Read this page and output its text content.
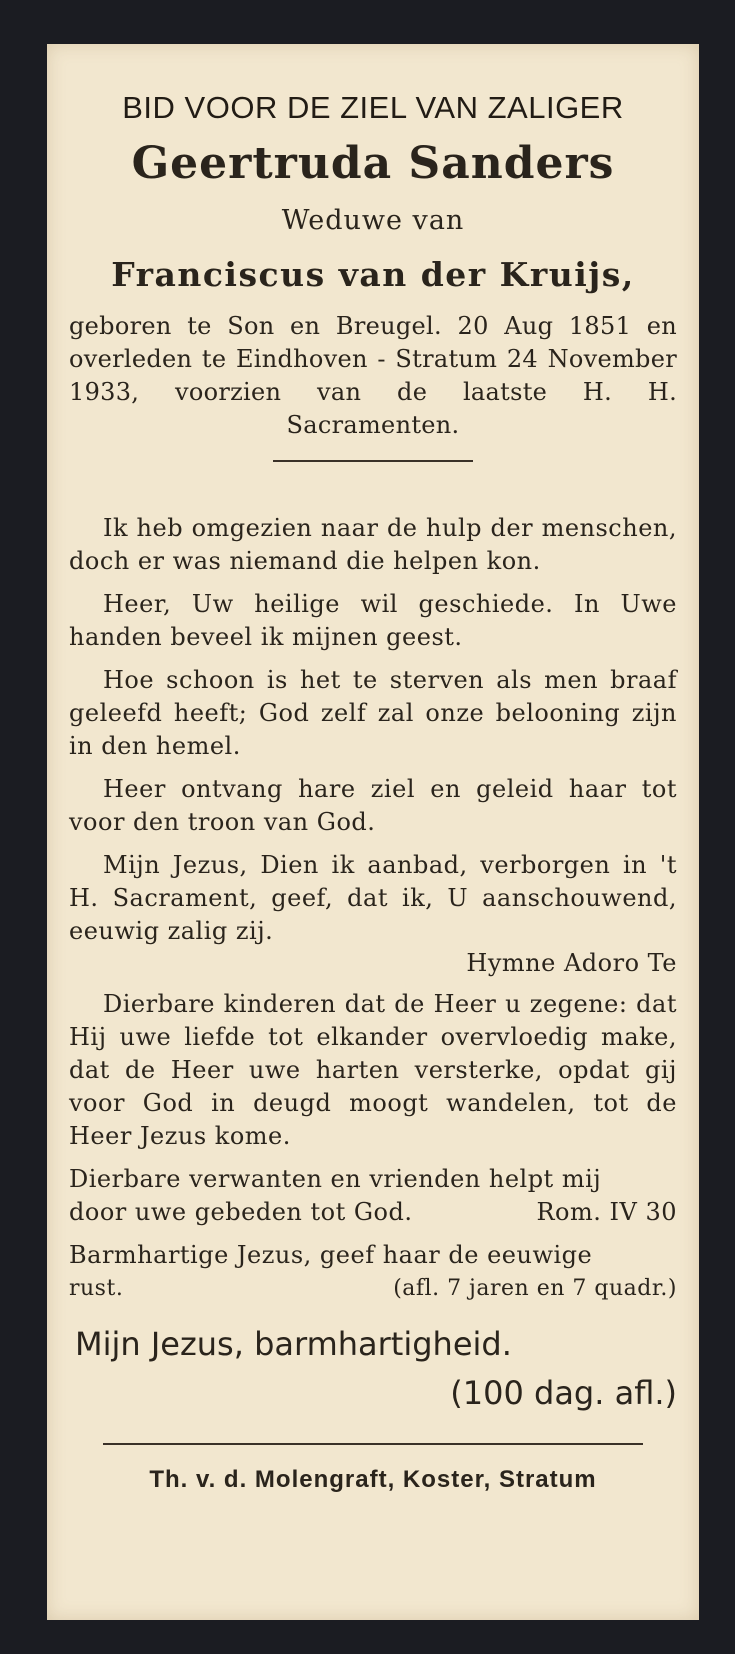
BID VOOR DE ZIEL VAN ZALIGER

Geertruda Sanders

Weduwe van

Franciscus van der Kruijs,

geboren te Son en Breugel. 20 Aug 1851 en overleden te Eindhoven - Stratum 24 November 1933, voorzien van de laatste H. H. Sacramenten.

Ik heb omgezien naar de hulp der menschen, doch er was niemand die helpen kon.

Heer, Uw heilige wil geschiede. In Uwe handen beveel ik mijnen geest.

Hoe schoon is het te sterven als men braaf geleefd heeft; God zelf zal onze belooning zijn in den hemel.

Heer ontvang hare ziel en geleid haar tot voor den troon van God.

Mijn Jezus, Dien ik aanbad, verborgen in 't H. Sacrament, geef, dat ik, U aanschouwend, eeuwig zalig zij.

Hymne Adoro Te

Dierbare kinderen dat de Heer u zegene: dat Hij uwe liefde tot elkander overvloedig make, dat de Heer uwe harten versterke, opdat gij voor God in deugd moogt wandelen, tot de Heer Jezus kome.

Dierbare verwanten en vrienden helpt mij
door uwe gebeden tot God.	Rom. IV 30
Barmhartige Jezus, geef haar de eeuwige
rust.	(afl. 7 jaren en 7 quadr.)

Mijn Jezus, barmhartigheid.

(100 dag. afl.)

Th. v. d. Molengraft, Koster, Stratum
